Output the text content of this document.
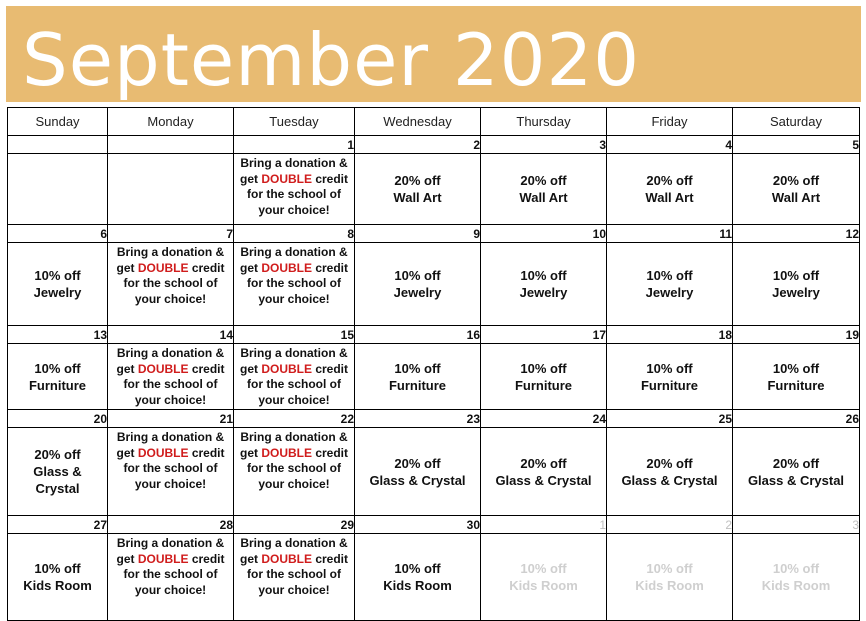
September 2020
Sunday	Monday	Tuesday	Wednesday	Thursday	Friday	Saturday
		1	2	3	4	5

		Bring a donation &
get DOUBLE credit
for the school of
your choice!	20% off
Wall Art	20% off
Wall Art	20% off
Wall Art	20% off
Wall Art

6	7	8	9	10	11	12

10% off
Jewelry	Bring a donation &
get DOUBLE credit
for the school of
your choice!	Bring a donation &
get DOUBLE credit
for the school of
your choice!	10% off
Jewelry	10% off
Jewelry	10% off
Jewelry	10% off
Jewelry

13	14	15	16	17	18	19

10% off
Furniture	Bring a donation &
get DOUBLE credit
for the school of
your choice!	Bring a donation &
get DOUBLE credit
for the school of
your choice!	10% off
Furniture	10% off
Furniture	10% off
Furniture	10% off
Furniture

20	21	22	23	24	25	26

20% off
Glass &
Crystal	Bring a donation &
get DOUBLE credit
for the school of
your choice!	Bring a donation &
get DOUBLE credit
for the school of
your choice!	20% off
Glass & Crystal	20% off
Glass & Crystal	20% off
Glass & Crystal	20% off
Glass & Crystal

27	28	29	30	1	2	3

10% off
Kids Room	Bring a donation &
get DOUBLE credit
for the school of
your choice!	Bring a donation &
get DOUBLE credit
for the school of
your choice!	10% off
Kids Room	10% off
Kids Room	10% off
Kids Room	10% off
Kids Room
